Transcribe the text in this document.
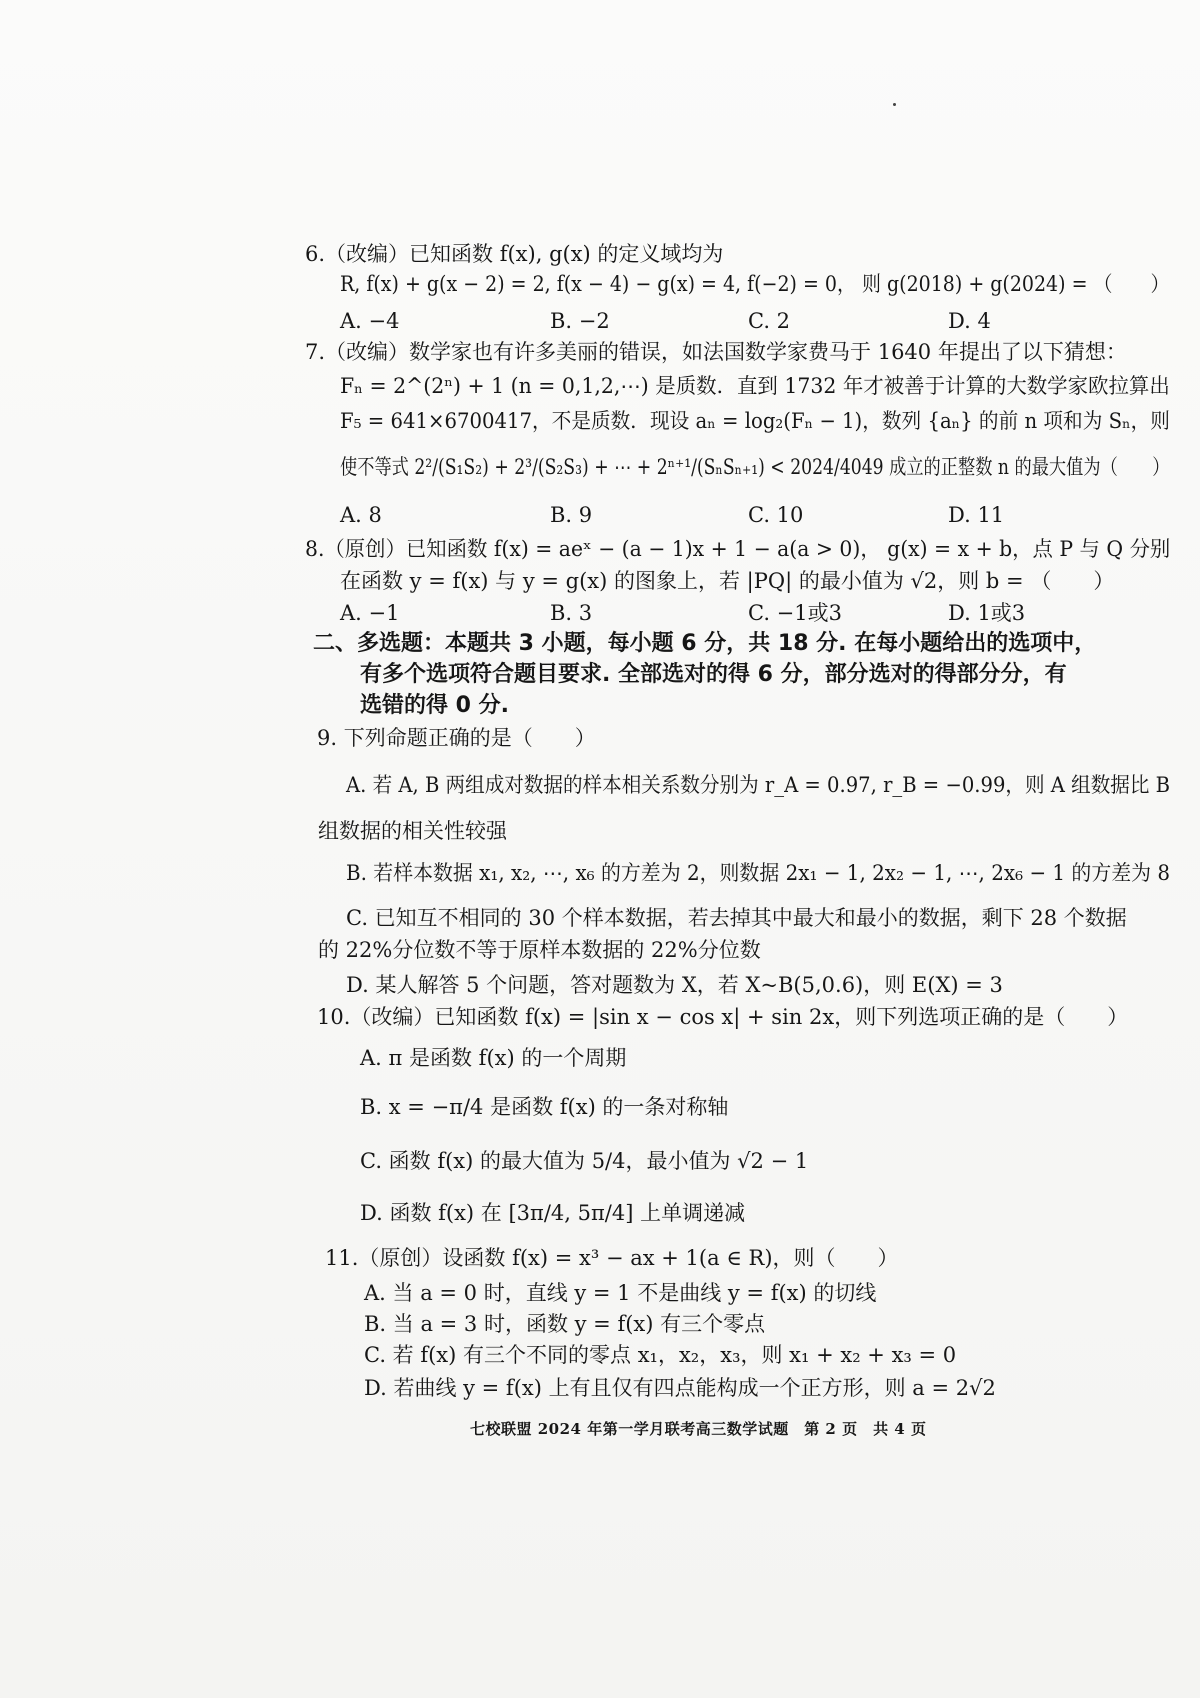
6.（改编）已知函数 f(x), g(x) 的定义域均为
R, f(x) + g(x − 2) = 2, f(x − 4) − g(x) = 4, f(−2) = 0， 则 g(2018) + g(2024) = （　　）
A. −4	B. −2	C. 2	D. 4
7.（改编）数学家也有许多美丽的错误，如法国数学家费马于 1640 年提出了以下猜想：
Fₙ = 2^(2ⁿ) + 1 (n = 0,1,2,⋯) 是质数．直到 1732 年才被善于计算的大数学家欧拉算出
F₅ = 641×6700417，不是质数．现设 aₙ = log₂(Fₙ − 1)，数列 {aₙ} 的前 n 项和为 Sₙ，则
使不等式 2²/(S₁S₂) + 2³/(S₂S₃) + ⋯ + 2ⁿ⁺¹/(SₙSₙ₊₁) < 2024/4049 成立的正整数 n 的最大值为（　　）
A. 8	B. 9	C. 10	D. 11
8.（原创）已知函数 f(x) = aeˣ − (a − 1)x + 1 − a(a > 0)， g(x) = x + b，点 P 与 Q 分别
在函数 y = f(x) 与 y = g(x) 的图象上，若 |PQ| 的最小值为 √2，则 b = （　　）
A. −1	B. 3	C. −1或3	D. 1或3
二、多选题：本题共 3 小题，每小题 6 分，共 18 分. 在每小题给出的选项中，
有多个选项符合题目要求. 全部选对的得 6 分，部分选对的得部分分，有
选错的得 0 分.
9. 下列命题正确的是（　　）
A. 若 A, B 两组成对数据的样本相关系数分别为 r_A = 0.97, r_B = −0.99，则 A 组数据比 B
组数据的相关性较强
B. 若样本数据 x₁, x₂, ⋯, x₆ 的方差为 2，则数据 2x₁ − 1, 2x₂ − 1, ⋯, 2x₆ − 1 的方差为 8
C. 已知互不相同的 30 个样本数据，若去掉其中最大和最小的数据，剩下 28 个数据
的 22%分位数不等于原样本数据的 22%分位数
D. 某人解答 5 个问题，答对题数为 X，若 X~B(5,0.6)，则 E(X) = 3
10.（改编）已知函数 f(x) = |sin x − cos x| + sin 2x，则下列选项正确的是（　　）
A. π 是函数 f(x) 的一个周期
B. x = −π/4 是函数 f(x) 的一条对称轴
C. 函数 f(x) 的最大值为 5/4，最小值为 √2 − 1
D. 函数 f(x) 在 [3π/4, 5π/4] 上单调递减
11.（原创）设函数 f(x) = x³ − ax + 1(a ∈ R)，则（　　）
A. 当 a = 0 时，直线 y = 1 不是曲线 y = f(x) 的切线
B. 当 a = 3 时，函数 y = f(x) 有三个零点
C. 若 f(x) 有三个不同的零点 x₁，x₂，x₃，则 x₁ + x₂ + x₃ = 0
D. 若曲线 y = f(x) 上有且仅有四点能构成一个正方形，则 a = 2√2
七校联盟 2024 年第一学月联考高三数学试题　第 2 页　共 4 页
